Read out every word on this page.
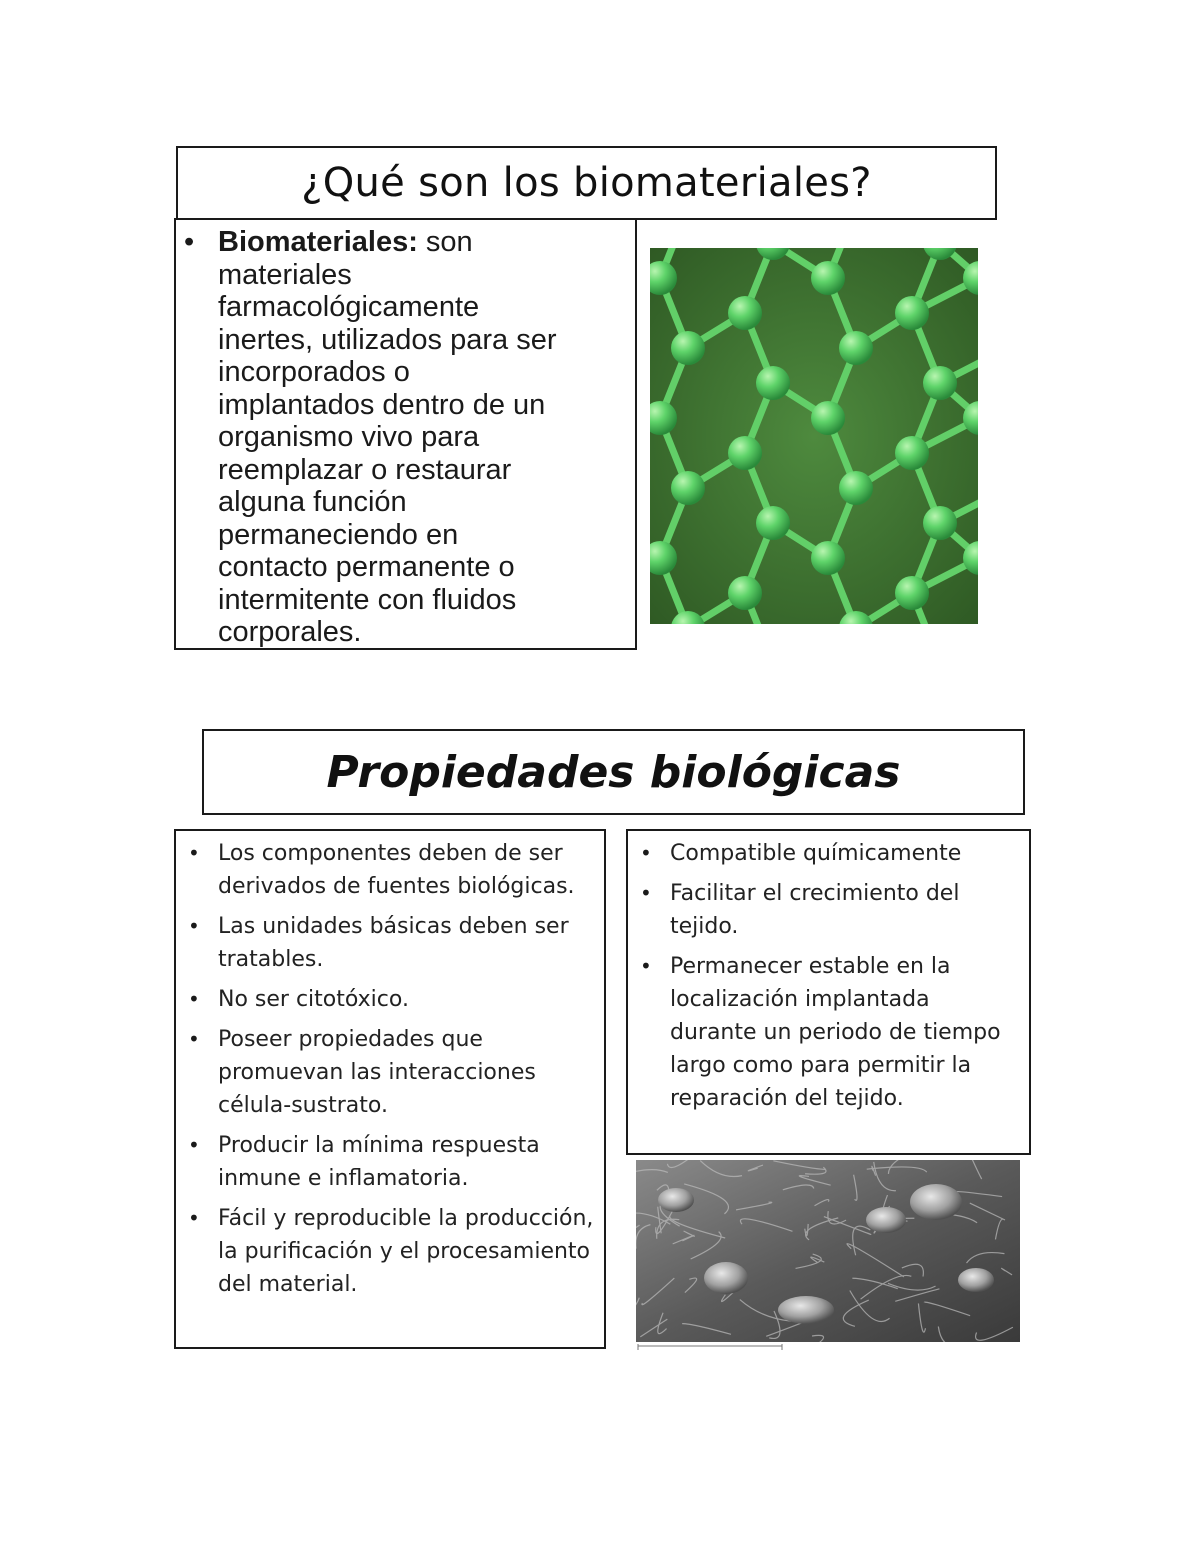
¿Qué son los biomateriales?
• Biomateriales: son
materiales
farmacológicamente
inertes, utilizados para ser
incorporados o
implantados dentro de un
organismo vivo para
reemplazar o restaurar
alguna función
permaneciendo en
contacto permanente o
intermitente con fluidos
corporales.
Propiedades biológicas
• Los componentes deben de ser derivados de fuentes biológicas.
• Las unidades básicas deben ser tratables.
• No ser citotóxico.
• Poseer propiedades que promuevan las interacciones célula-sustrato.
• Producir la mínima respuesta inmune e inflamatoria.
• Fácil y reproducible la producción, la purificación y el procesamiento del material.
• Compatible químicamente
• Facilitar el crecimiento del tejido.
• Permanecer estable en la localización implantada durante un periodo de tiempo largo como para permitir la reparación del tejido.
